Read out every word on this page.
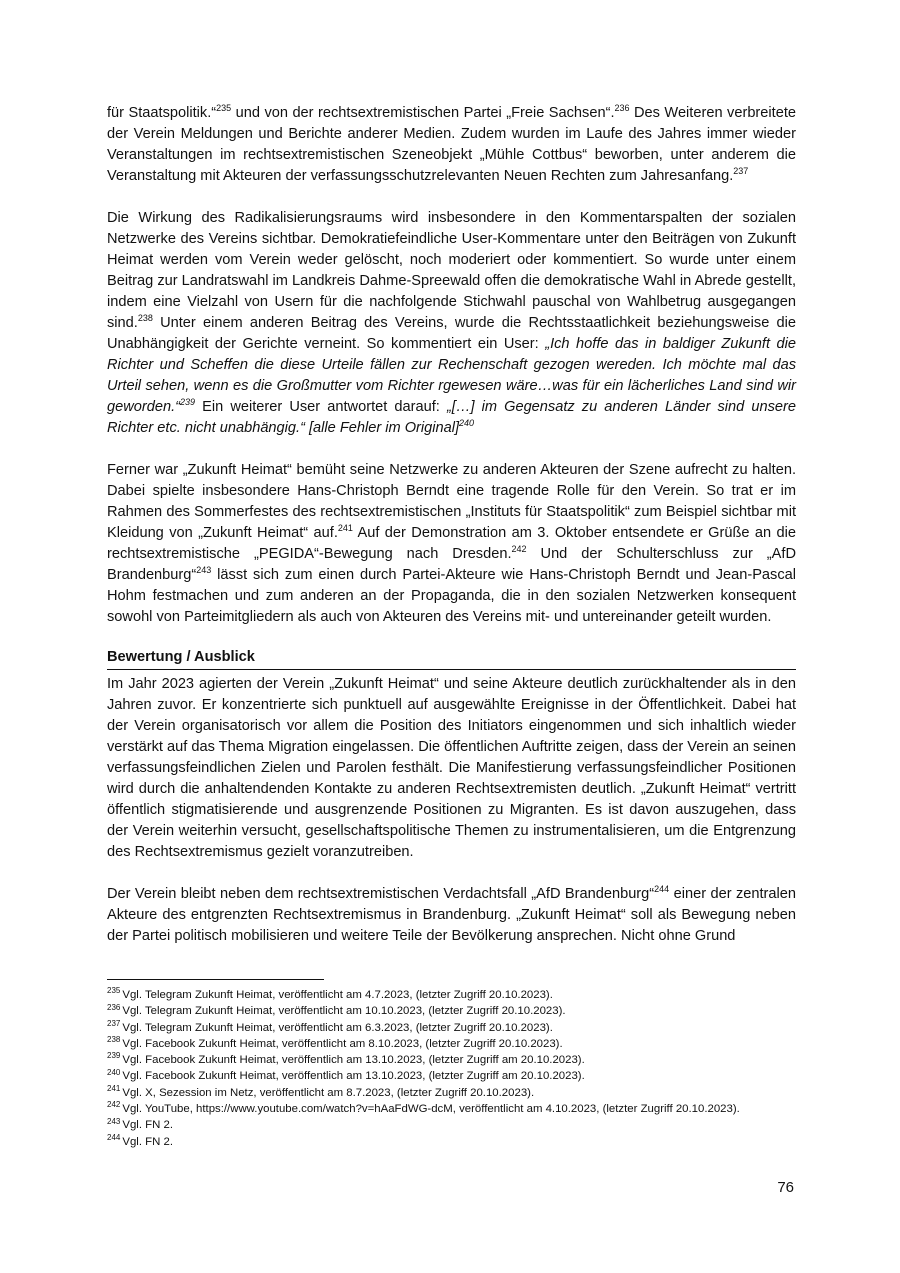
für Staatspolitik.“$^{235}$ und von der rechtsextremistischen Partei „Freie Sachsen“.$^{236}$ Des Weiteren verbreitete der Verein Meldungen und Berichte anderer Medien. Zudem wurden im Laufe des Jahres immer wieder Veranstaltungen im rechtsextremistischen Szeneobjekt „Mühle Cottbus“ beworben, unter anderem die Veranstaltung mit Akteuren der verfassungsschutzrelevanten Neuen Rechten zum Jahresanfang.$^{237}$

Die Wirkung des Radikalisierungsraums wird insbesondere in den Kommentarspalten der sozialen Netzwerke des Vereins sichtbar. Demokratiefeindliche User-Kommentare unter den Beiträgen von Zukunft Heimat werden vom Verein weder gelöscht, noch moderiert oder kommentiert. So wurde unter einem Beitrag zur Landratswahl im Landkreis Dahme-Spreewald offen die demokratische Wahl in Abrede gestellt, indem eine Vielzahl von Usern für die nachfolgende Stichwahl pauschal von Wahlbetrug ausgegangen sind.$^{238}$ Unter einem anderen Beitrag des Vereins, wurde die Rechtsstaatlichkeit beziehungsweise die Unabhängigkeit der Gerichte verneint. So kommentiert ein User: „Ich hoffe das in baldiger Zukunft die Richter und Scheffen die diese Urteile fällen zur Rechenschaft gezogen wereden. Ich möchte mal das Urteil sehen, wenn es die Großmutter vom Richter rgewesen wäre…was für ein lächerliches Land sind wir geworden.“$^{239}$ Ein weiterer User antwortet darauf: „[…] im Gegensatz zu anderen Länder sind unsere Richter etc. nicht unabhängig.“ [alle Fehler im Original]$^{240}$

Ferner war „Zukunft Heimat“ bemüht seine Netzwerke zu anderen Akteuren der Szene aufrecht zu halten. Dabei spielte insbesondere Hans-Christoph Berndt eine tragende Rolle für den Verein. So trat er im Rahmen des Sommerfestes des rechtsextremistischen „Instituts für Staatspolitik“ zum Beispiel sichtbar mit Kleidung von „Zukunft Heimat“ auf.$^{241}$ Auf der Demonstration am 3. Oktober entsendete er Grüße an die rechtsextremistische „PEGIDA“-Bewegung nach Dresden.$^{242}$ Und der Schulterschluss zur „AfD Brandenburg“$^{243}$ lässt sich zum einen durch Partei-Akteure wie Hans-Christoph Berndt und Jean-Pascal Hohm festmachen und zum anderen an der Propaganda, die in den sozialen Netzwerken konsequent sowohl von Parteimitgliedern als auch von Akteuren des Vereins mit- und untereinander geteilt wurden.

Bewertung / Ausblick

Im Jahr 2023 agierten der Verein „Zukunft Heimat“ und seine Akteure deutlich zurückhaltender als in den Jahren zuvor. Er konzentrierte sich punktuell auf ausgewählte Ereignisse in der Öffentlichkeit. Dabei hat der Verein organisatorisch vor allem die Position des Initiators eingenommen und sich inhaltlich wieder verstärkt auf das Thema Migration eingelassen. Die öffentlichen Auftritte zeigen, dass der Verein an seinen verfassungsfeindlichen Zielen und Parolen festhält. Die Manifestierung verfassungsfeindlicher Positionen wird durch die anhaltendenden Kontakte zu anderen Rechtsextremisten deutlich. „Zukunft Heimat“ vertritt öffentlich stigmatisierende und ausgrenzende Positionen zu Migranten. Es ist davon auszugehen, dass der Verein weiterhin versucht, gesellschaftspolitische Themen zu instrumentalisieren, um die Entgrenzung des Rechtsextremismus gezielt voranzutreiben.

Der Verein bleibt neben dem rechtsextremistischen Verdachtsfall „AfD Brandenburg“$^{244}$ einer der zentralen Akteure des entgrenzten Rechtsextremismus in Brandenburg. „Zukunft Heimat“ soll als Bewegung neben der Partei politisch mobilisieren und weitere Teile der Bevölkerung ansprechen. Nicht ohne Grund

$^{235}$ Vgl. Telegram Zukunft Heimat, veröffentlicht am 4.7.2023, (letzter Zugriff 20.10.2023).

$^{236}$ Vgl. Telegram Zukunft Heimat, veröffentlicht am 10.10.2023, (letzter Zugriff 20.10.2023).

$^{237}$ Vgl. Telegram Zukunft Heimat, veröffentlicht am 6.3.2023, (letzter Zugriff 20.10.2023).

$^{238}$ Vgl. Facebook Zukunft Heimat, veröffentlicht am 8.10.2023, (letzter Zugriff 20.10.2023).

$^{239}$ Vgl. Facebook Zukunft Heimat, veröffentlich am 13.10.2023, (letzter Zugriff am 20.10.2023).

$^{240}$ Vgl. Facebook Zukunft Heimat, veröffentlich am 13.10.2023, (letzter Zugriff am 20.10.2023).

$^{241}$ Vgl. X, Sezession im Netz, veröffentlicht am 8.7.2023, (letzter Zugriff 20.10.2023).

$^{242}$ Vgl. YouTube, https://www.youtube.com/watch?v=hAaFdWG-dcM, veröffentlicht am 4.10.2023, (letzter Zugriff 20.10.2023).

$^{243}$ Vgl. FN 2.

$^{244}$ Vgl. FN 2.

76
